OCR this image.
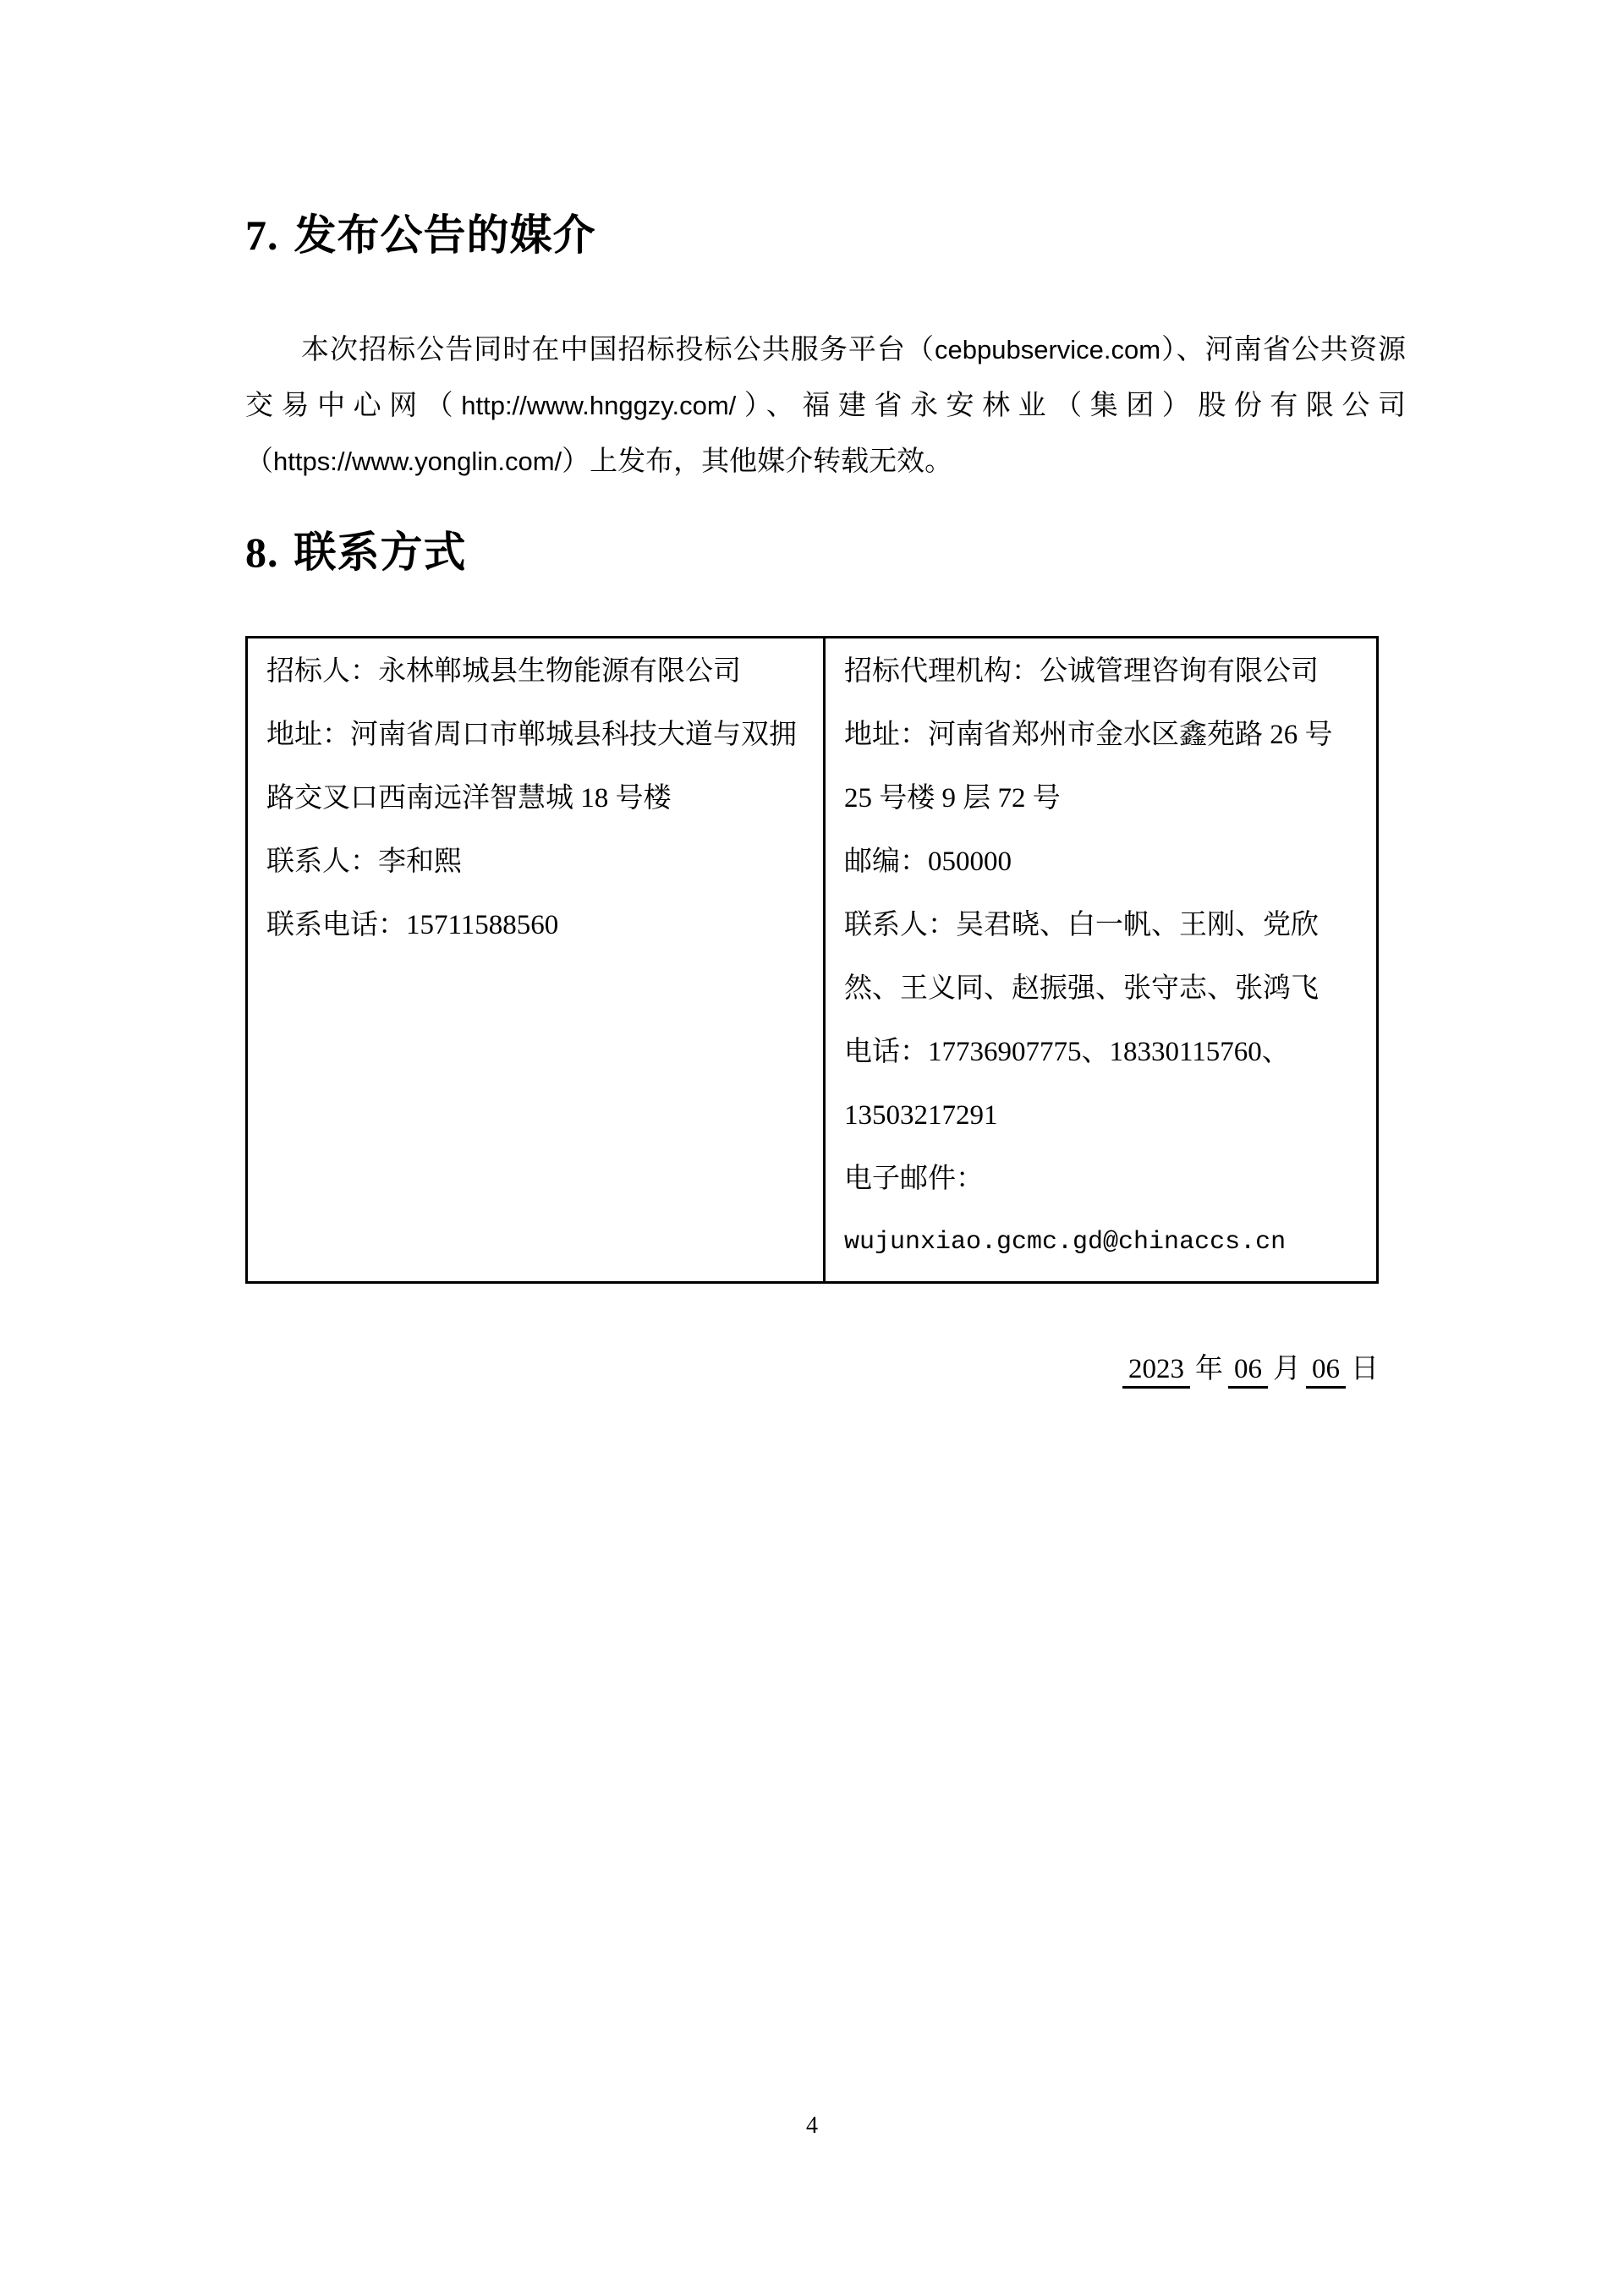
7. 发布公告的媒介

本次招标公告同时在中国招标投标公共服务平台（cebpubservice.com）、河南省公共资源交易中心网（http://www.hnggzy.com/）、福建省永安林业（集团）股份有限公司（https://www.yonglin.com/）上发布，其他媒介转载无效。

8. 联系方式

招标人：永林郸城县生物能源有限公司

地址：河南省周口市郸城县科技大道与双拥路交叉口西南远洋智慧城 18 号楼

联系人：李和熙

联系电话：15711588560

招标代理机构：公诚管理咨询有限公司

地址：河南省郑州市金水区鑫苑路 26 号 25 号楼 9 层 72 号

邮编：050000

联系人：吴君晓、白一帆、王刚、党欣然、王义同、赵振强、张守志、张鸿飞

电话：17736907775、18330115760、13503217291

电子邮件：

wujunxiao.gcmc.gd@chinaccs.cn

2023 年 06 月 06 日
4
